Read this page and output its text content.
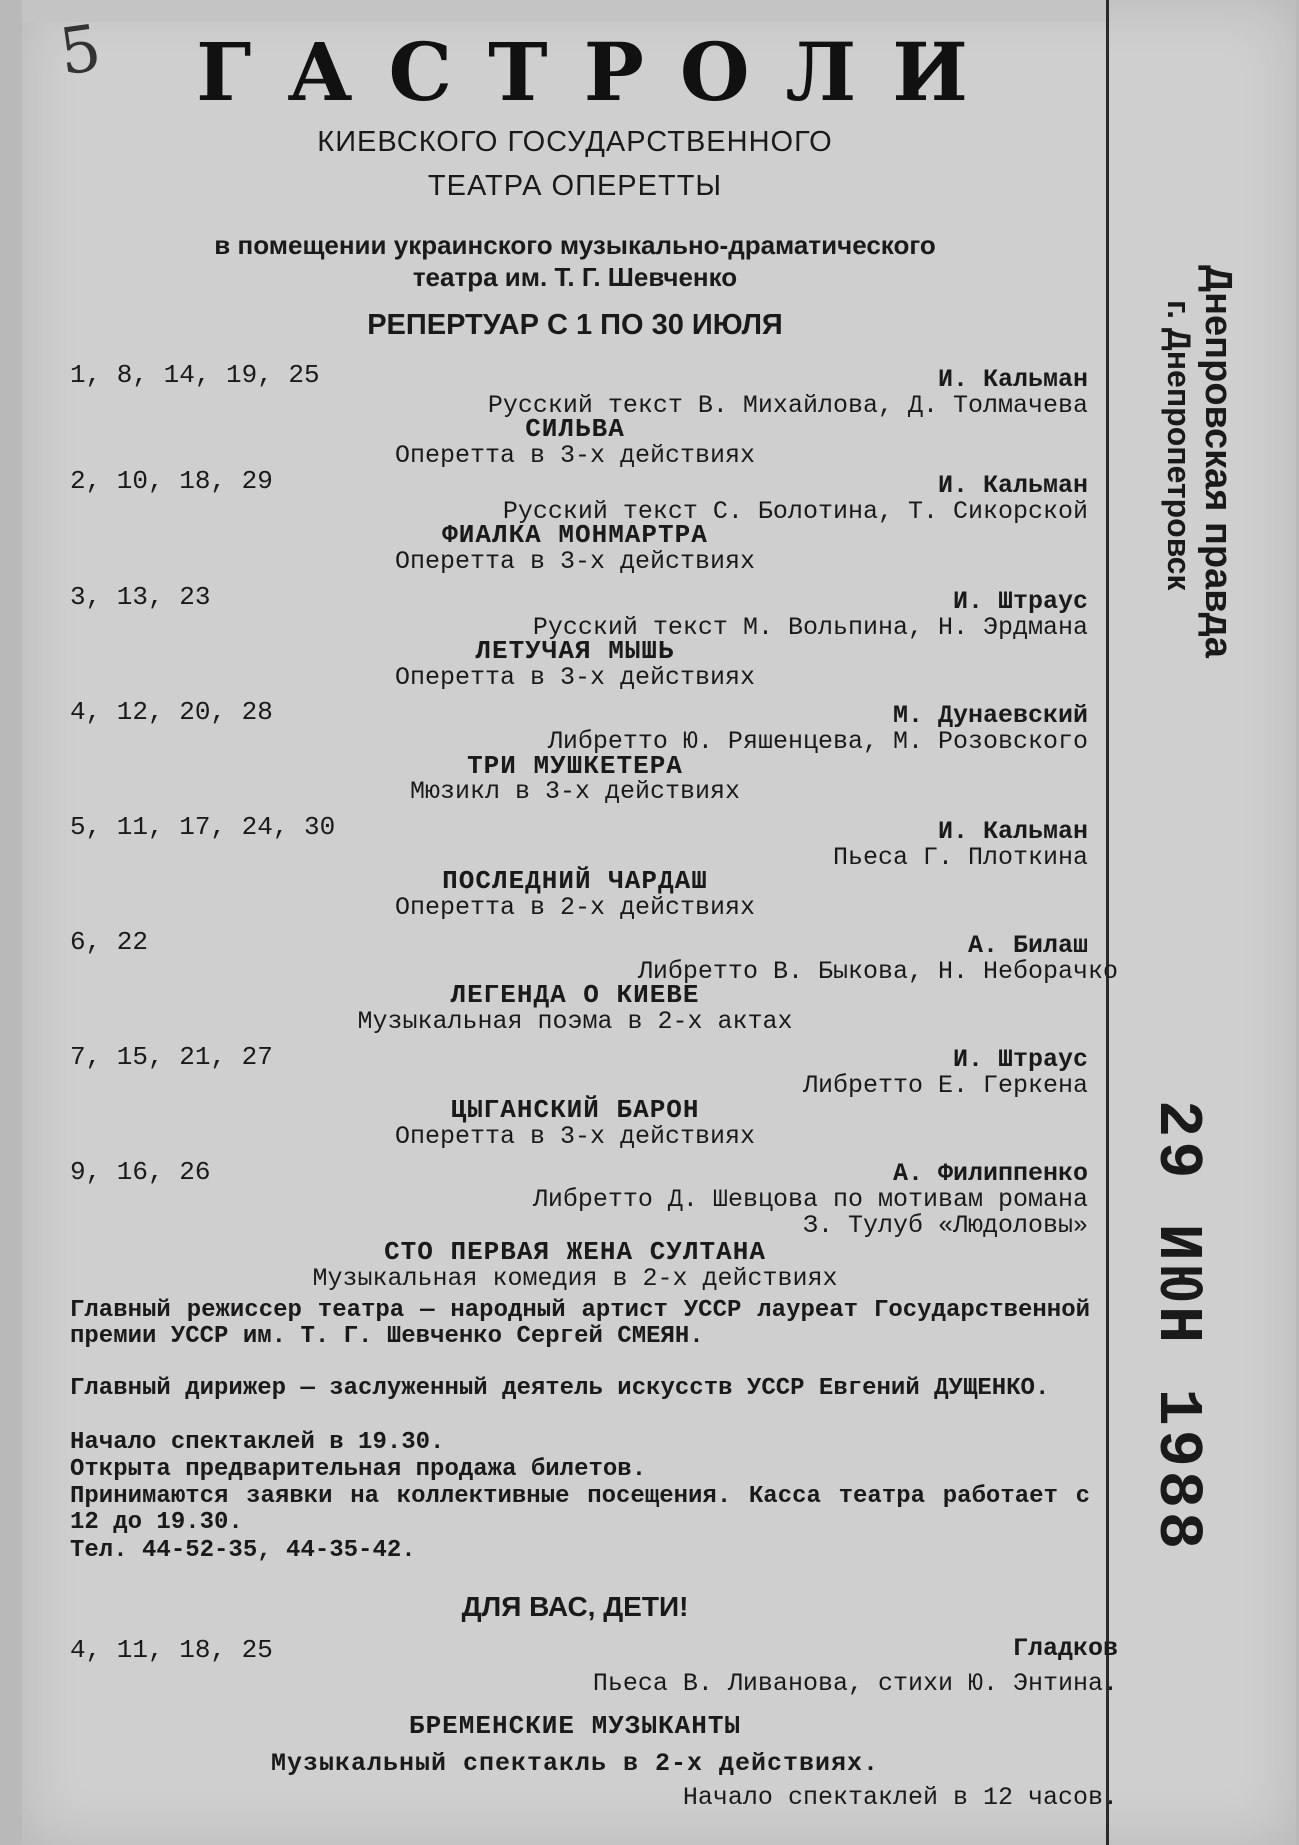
5 ГАСТРОЛИ
КИЕВСКОГО ГОСУДАРСТВЕННОГО
ТЕАТРА ОПЕРЕТТЫ
в помещении украинского музыкально-драматического
театра им. Т. Г. Шевченко
РЕПЕРТУАР С 1 ПО 30 ИЮЛЯ
1, 8, 14, 19, 25	И. Кальман
Русский текст В. Михайлова, Д. Толмачева
СИЛЬВА
Оперетта в 3-х действиях
2, 10, 18, 29	И. Кальман
Русский текст С. Болотина, Т. Сикорской
ФИАЛКА МОНМАРТРА
Оперетта в 3-х действиях
3, 13, 23	И. Штраус
Русский текст М. Вольпина, Н. Эрдмана
ЛЕТУЧАЯ МЫШЬ
Оперетта в 3-х действиях
4, 12, 20, 28	М. Дунаевский
Либретто Ю. Ряшенцева, М. Розовского
ТРИ МУШКЕТЕРА
Мюзикл в 3-х действиях
5, 11, 17, 24, 30	И. Кальман
Пьеса Г. Плоткина
ПОСЛЕДНИЙ ЧАРДАШ
Оперетта в 2-х действиях
6, 22	А. Билаш
Либретто В. Быкова, Н. Неборачко
ЛЕГЕНДА О КИЕВЕ
Музыкальная поэма в 2-х актах
7, 15, 21, 27	И. Штраус
Либретто Е. Геркена
ЦЫГАНСКИЙ БАРОН
Оперетта в 3-х действиях
9, 16, 26	А. Филиппенко
Либретто Д. Шевцова по мотивам романа
З. Тулуб «Людоловы»
СТО ПЕРВАЯ ЖЕНА СУЛТАНА
Музыкальная комедия в 2-х действиях
Главный режиссер театра — народный артист УССР лауреат Государственной премии УССР им. Т. Г. Шевченко Сергей СМЕЯН.
Главный дирижер — заслуженный деятель искусств УССР Евгений ДУЩЕНКО.
Начало спектаклей в 19.30.
Открыта предварительная продажа билетов.
Принимаются заявки на коллективные посещения. Касса театра работает с 12 до 19.30.
Тел. 44-52-35, 44-35-42.
ДЛЯ ВАС, ДЕТИ!
4, 11, 18, 25	Гладков
Пьеса В. Ливанова, стихи Ю. Энтина.
БРЕМЕНСКИЕ МУЗЫКАНТЫ
Музыкальный спектакль в 2-х действиях.
Начало спектаклей в 12 часов.
Днепровская правда
г. Днепропетровск
29 ИЮН 1988
